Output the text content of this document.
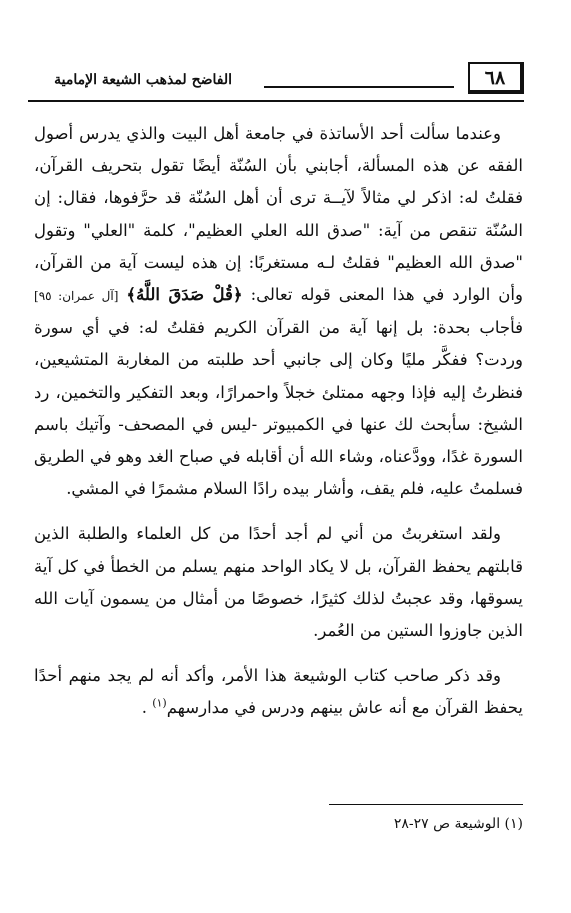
٦٨
الفاضح لمذهب الشيعة الإمامية

وعندما سألت أحد الأساتذة في جامعة أهل البيت والذي يدرس أصول الفقه عن هذه المسألة، أجابني بأن السُنّة أيضًا تقول بتحريف القرآن، فقلتُ له: اذكر لي مثالاً لآيــة ترى أن أهل السُنّة قد حرَّفوها، فقال: إن السُنّة تنقص من آية: "صدق الله العلي العظيم"، كلمة "العلي" وتقول "صدق الله العظيم" فقلتُ لـه مستغربًا: إن هذه ليست آية من القرآن، وأن الوارد في هذا المعنى قوله تعالى: ﴿قُلْ صَدَقَ اللَّهُ﴾ [آل عمران: ٩٥] فأجاب بحدة: بل إنها آية من القرآن الكريم فقلتُ له: في أي سورة وردت؟ ففكَّر مليًا وكان إلى جانبي أحد طلبته من المغاربة المتشيعين، فنظرتُ إليه فإذا وجهه ممتلئ خجلاً واحمرارًا، وبعد التفكير والتخمين، رد الشيخ: سأبحث لك عنها في الكمبيوتر -ليس في المصحف- وآتيك باسم السورة غدًا، وودَّعناه، وشاء الله أن أقابله في صباح الغد وهو في الطريق فسلمتُ عليه، فلم يقف، وأشار بيده رادًا السلام مشمرًا في المشي.

ولقد استغربتُ من أني لم أجد أحدًا من كل العلماء والطلبة الذين قابلتهم يحفظ القرآن، بل لا يكاد الواحد منهم يسلم من الخطأ في كل آية يسوقها، وقد عجبتُ لذلك كثيرًا، خصوصًا من أمثال من يسمون آيات الله الذين جاوزوا الستين من العُمر.

وقد ذكر صاحب كتاب الوشيعة هذا الأمر، وأكد أنه لم يجد منهم أحدًا يحفظ القرآن مع أنه عاش بينهم ودرس في مدارسهم$^{(١)}$ .

(١) الوشيعة ص ٢٧-٢٨
